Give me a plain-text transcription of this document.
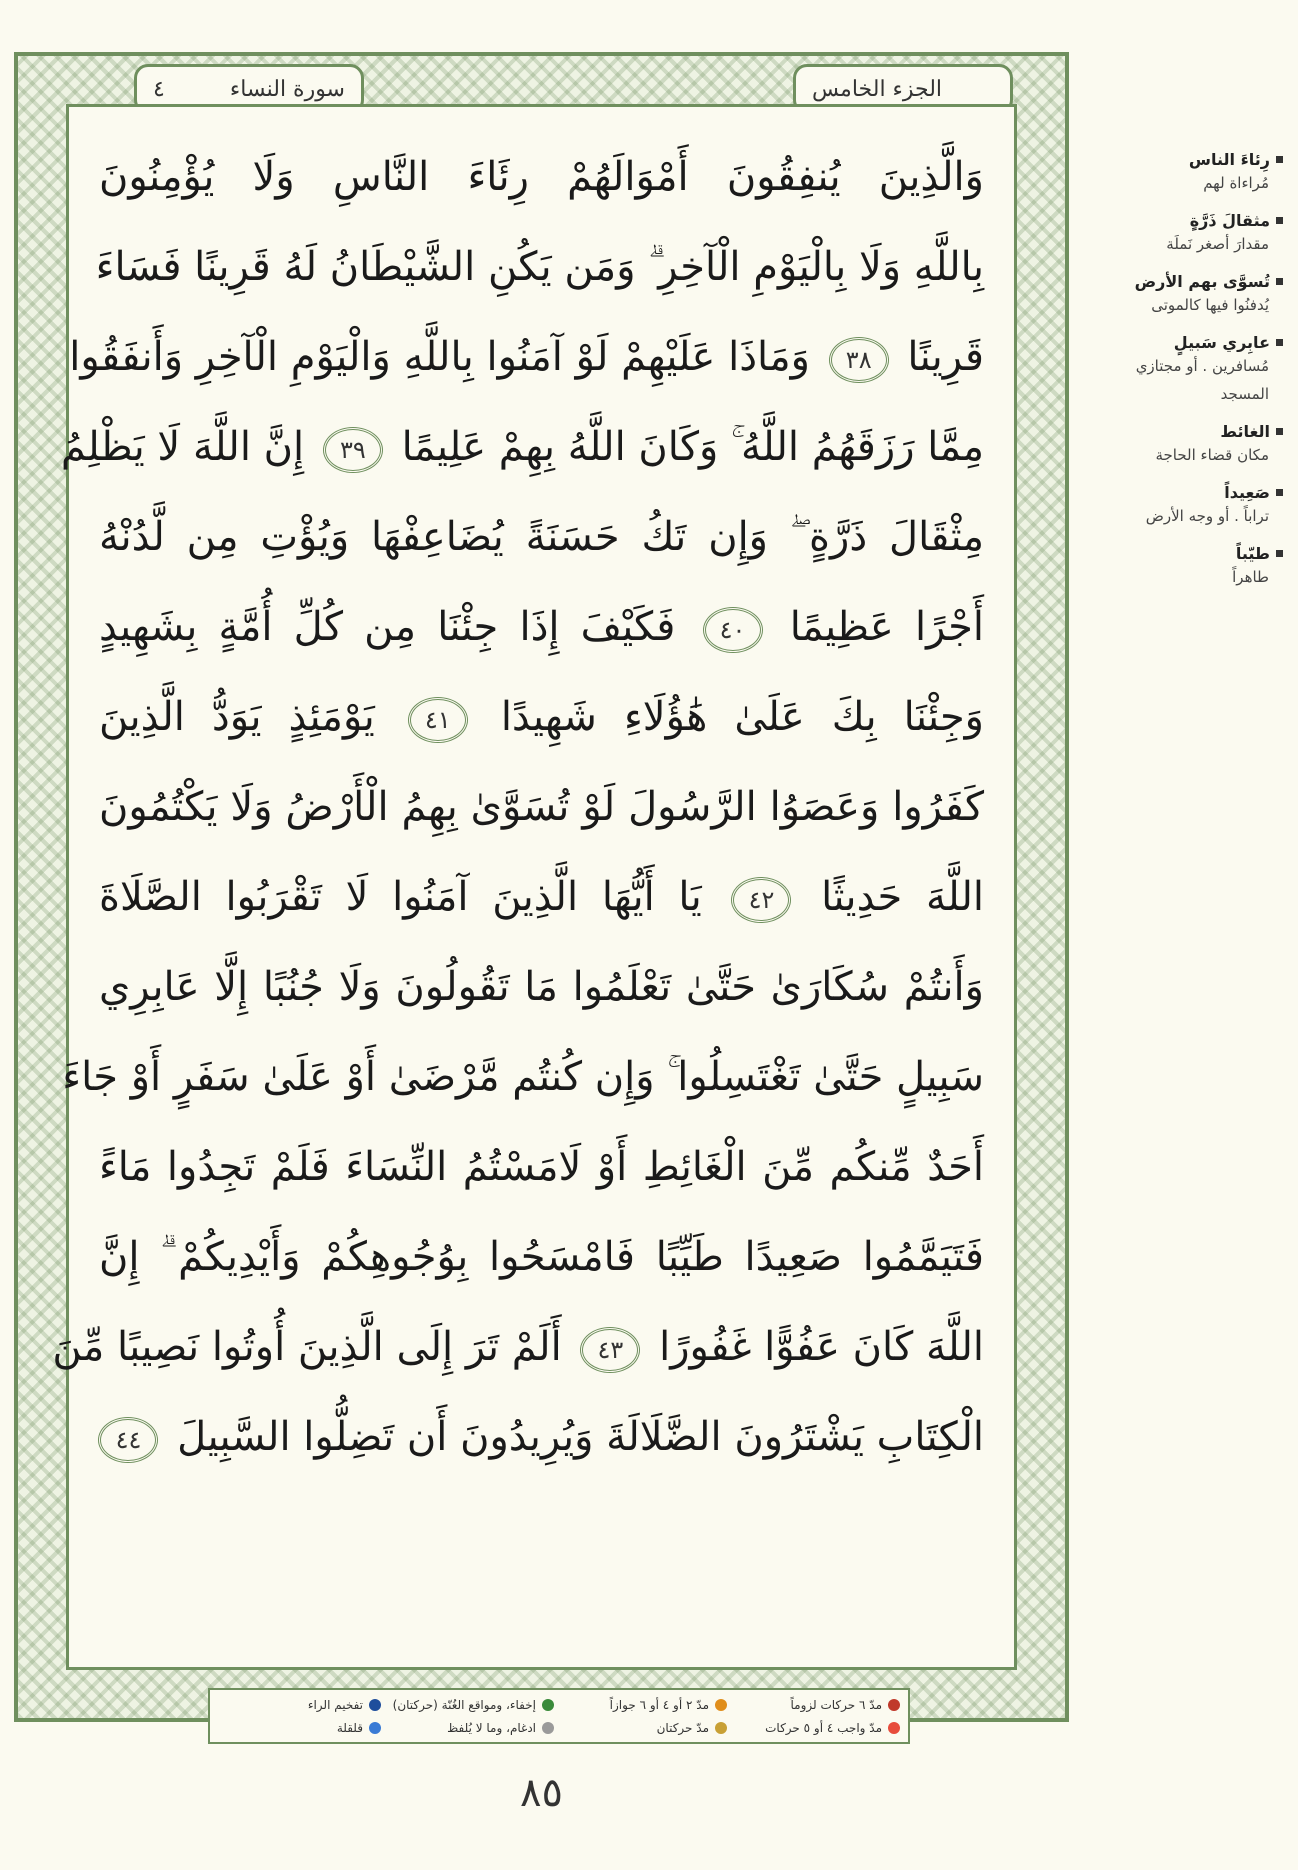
٤	سورة النساء	الجزء الخامس
وَالَّذِينَ يُنفِقُونَ أَمْوَالَهُمْ رِئَاءَ النَّاسِ وَلَا يُؤْمِنُونَ
بِاللَّهِ وَلَا بِالْيَوْمِ الْآخِرِ ۗ وَمَن يَكُنِ الشَّيْطَانُ لَهُ قَرِينًا فَسَاءَ
قَرِينًا ٣٨ وَمَاذَا عَلَيْهِمْ لَوْ آمَنُوا بِاللَّهِ وَالْيَوْمِ الْآخِرِ وَأَنفَقُوا
مِمَّا رَزَقَهُمُ اللَّهُ ۚ وَكَانَ اللَّهُ بِهِمْ عَلِيمًا ٣٩ إِنَّ اللَّهَ لَا يَظْلِمُ
مِثْقَالَ ذَرَّةٍ ۖ وَإِن تَكُ حَسَنَةً يُضَاعِفْهَا وَيُؤْتِ مِن لَّدُنْهُ
أَجْرًا عَظِيمًا ٤٠ فَكَيْفَ إِذَا جِئْنَا مِن كُلِّ أُمَّةٍ بِشَهِيدٍ
وَجِئْنَا بِكَ عَلَىٰ هَٰؤُلَاءِ شَهِيدًا ٤١ يَوْمَئِذٍ يَوَدُّ الَّذِينَ
كَفَرُوا وَعَصَوُا الرَّسُولَ لَوْ تُسَوَّىٰ بِهِمُ الْأَرْضُ وَلَا يَكْتُمُونَ
اللَّهَ حَدِيثًا ٤٢ يَا أَيُّهَا الَّذِينَ آمَنُوا لَا تَقْرَبُوا الصَّلَاةَ
وَأَنتُمْ سُكَارَىٰ حَتَّىٰ تَعْلَمُوا مَا تَقُولُونَ وَلَا جُنُبًا إِلَّا عَابِرِي
سَبِيلٍ حَتَّىٰ تَغْتَسِلُوا ۚ وَإِن كُنتُم مَّرْضَىٰ أَوْ عَلَىٰ سَفَرٍ أَوْ جَاءَ
أَحَدٌ مِّنكُم مِّنَ الْغَائِطِ أَوْ لَامَسْتُمُ النِّسَاءَ فَلَمْ تَجِدُوا مَاءً
فَتَيَمَّمُوا صَعِيدًا طَيِّبًا فَامْسَحُوا بِوُجُوهِكُمْ وَأَيْدِيكُمْ ۗ إِنَّ
اللَّهَ كَانَ عَفُوًّا غَفُورًا ٤٣ أَلَمْ تَرَ إِلَى الَّذِينَ أُوتُوا نَصِيبًا مِّنَ
الْكِتَابِ يَشْتَرُونَ الضَّلَالَةَ وَيُرِيدُونَ أَن تَضِلُّوا السَّبِيلَ ٤٤
مدّ ٦ حركات لزوماً
مدّ ٢ أو ٤ أو ٦ جوازاً
إخفاء، ومواقع الغُنّة (حركتان)
تفخيم الراء
مدّ واجب ٤ أو ٥ حركات
مدّ حركتان
ادغام، وما لا يُلفظ
قلقلة
٨٥
رِئاءَ الناس
مُراءاة لهم
مثقالَ ذَرَّةٍ
مقدارَ أصغر نَملَة
تُسوَّى بهم الأرض
يُدفنُوا فيها كالموتى
عابِري سَبيلٍ
مُسافرين . أو مجتازي المسجد
الغائط
مكان قضاء الحاجة
صَعِيداً
تراباً . أو وجه الأرض
طيّباً
طاهراً
